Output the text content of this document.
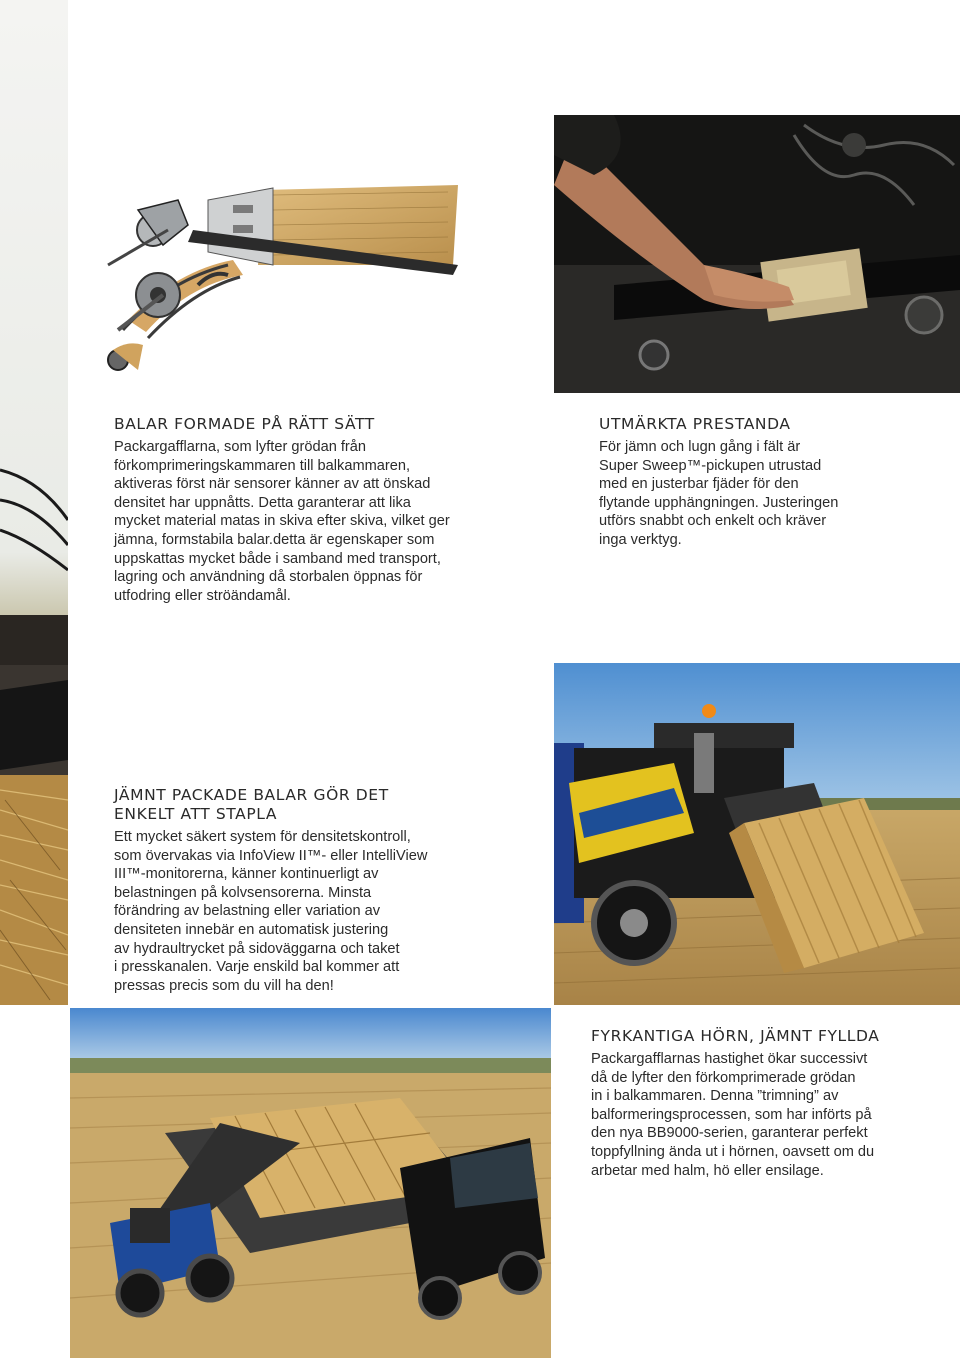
BALAR FORMADE PÅ RÄTT SÄTT

Packargafflarna, som lyfter grödan från
förkomprimeringskammaren till balkammaren,
aktiveras först när sensorer känner av att önskad
densitet har uppnåtts. Detta garanterar att lika
mycket material matas in skiva efter skiva, vilket ger
jämna, formstabila balar.detta är egenskaper som
uppskattas mycket både i samband med transport,
lagring och användning då storbalen öppnas för
utfodring eller ströändamål.

UTMÄRKTA PRESTANDA

För jämn och lugn gång i fält är
Super Sweep™-pickupen utrustad
med en justerbar fjäder för den
flytande upphängningen. Justeringen
utförs snabbt och enkelt och kräver
inga verktyg.

JÄMNT PACKADE BALAR GÖR DET
ENKELT ATT STAPLA

Ett mycket säkert system för densitetskontroll,
som övervakas via InfoView II™- eller IntelliView
III™-monitorerna, känner kontinuerligt av
belastningen på kolvsensorerna. Minsta
förändring av belastning eller variation av
densiteten innebär en automatisk justering
av hydraultrycket på sidoväggarna och taket
i presskanalen. Varje enskild bal kommer att
pressas precis som du vill ha den!

FYRKANTIGA HÖRN, JÄMNT FYLLDA

Packargafflarnas hastighet ökar successivt
då de lyfter den förkomprimerade grödan
in i balkammaren. Denna ”trimning” av
balformeringsprocessen, som har införts på
den nya BB9000-serien, garanterar perfekt
toppfyllning ända ut i hörnen, oavsett om du
arbetar med halm, hö eller ensilage.
